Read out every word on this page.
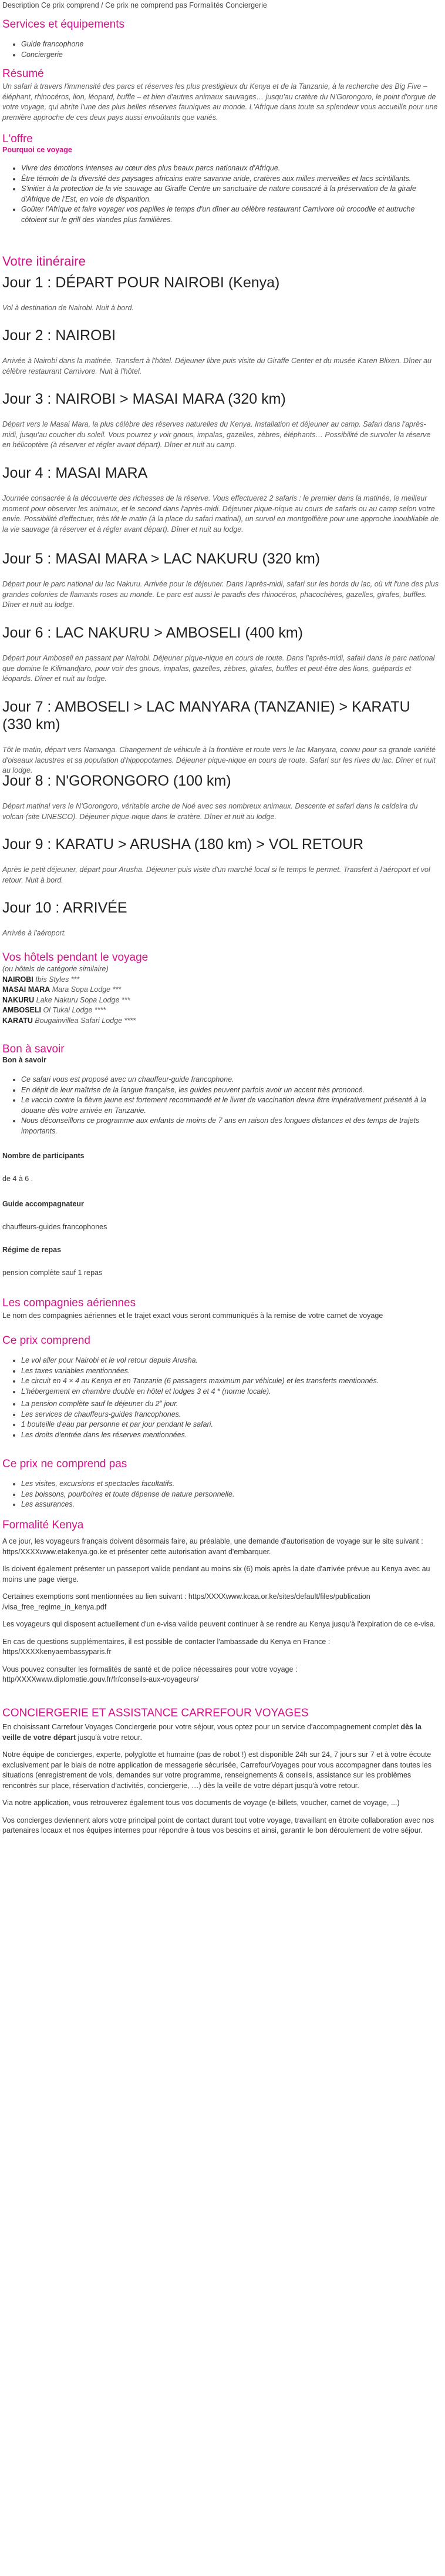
Description Ce prix comprend / Ce prix ne comprend pas Formalités Conciergerie
Services et équipements
• Guide francophone
• Conciergerie
Résumé

Un safari à travers l'immensité des parcs et réserves les plus prestigieux du Kenya et de la Tanzanie, à la recherche des Big Five – éléphant, rhinocéros, lion, léopard, buffle – et bien d'autres animaux sauvages… jusqu'au cratère du N'Gorongoro, le point d'orgue de votre voyage, qui abrite l'une des plus belles réserves fauniques au monde. L'Afrique dans toute sa splendeur vous accueille pour une première approche de ces deux pays aussi envoûtants que variés.

L'offre

Pourquoi ce voyage

• Vivre des émotions intenses au cœur des plus beaux parcs nationaux d'Afrique.
• Être témoin de la diversité des paysages africains entre savanne aride, cratères aux milles merveilles et lacs scintillants.
• S'initier à la protection de la vie sauvage au Giraffe Centre un sanctuaire de nature consacré à la préservation de la girafe d'Afrique de l'Est, en voie de disparition.
• Goûter l'Afrique et faire voyager vos papilles le temps d'un dîner au célèbre restaurant Carnivore où crocodile et autruche côtoient sur le grill des viandes plus familières.
Votre itinéraire
Jour 1 : DÉPART POUR NAIROBI (Kenya)

Vol à destination de Nairobi. Nuit à bord.

Jour 2 : NAIROBI

Arrivée à Nairobi dans la matinée. Transfert à l'hôtel. Déjeuner libre puis visite du Giraffe Center et du musée Karen Blixen. Dîner au célèbre restaurant Carnivore. Nuit à l'hôtel.

Jour 3 : NAIROBI > MASAI MARA (320 km)

Départ vers le Masai Mara, la plus célèbre des réserves naturelles du Kenya. Installation et déjeuner au camp. Safari dans l'après-midi, jusqu'au coucher du soleil. Vous pourrez y voir gnous, impalas, gazelles, zèbres, éléphants… Possibilité de survoler la réserve en hélicoptère (à réserver et régler avant départ). Dîner et nuit au camp.

Jour 4 : MASAI MARA

Journée consacrée à la découverte des richesses de la réserve. Vous effectuerez 2 safaris : le premier dans la matinée, le meilleur moment pour observer les animaux, et le second dans l'après-midi. Déjeuner pique-nique au cours de safaris ou au camp selon votre envie. Possibilité d'effectuer, très tôt le matin (à la place du safari matinal), un survol en montgolfière pour une approche inoubliable de la vie sauvage (à réserver et à régler avant départ). Dîner et nuit au lodge.

Jour 5 : MASAI MARA > LAC NAKURU (320 km)

Départ pour le parc national du lac Nakuru. Arrivée pour le déjeuner. Dans l'après-midi, safari sur les bords du lac, où vit l'une des plus grandes colonies de flamants roses au monde. Le parc est aussi le paradis des rhinocéros, phacochères, gazelles, girafes, buffles. Dîner et nuit au lodge.

Jour 6 : LAC NAKURU > AMBOSELI (400 km)

Départ pour Amboseli en passant par Nairobi. Déjeuner pique-nique en cours de route. Dans l'après-midi, safari dans le parc national que domine le Kilimandjaro, pour voir des gnous, impalas, gazelles, zèbres, girafes, buffles et peut-être des lions, guépards et léopards. Dîner et nuit au lodge.

Jour 7 : AMBOSELI > LAC MANYARA (TANZANIE) > KARATU (330 km)

Tôt le matin, départ vers Namanga. Changement de véhicule à la frontière et route vers le lac Manyara, connu pour sa grande variété d'oiseaux lacustres et sa population d'hippopotames. Déjeuner pique-nique en cours de route. Safari sur les rives du lac. Dîner et nuit au lodge.

Jour 8 : N'GORONGORO (100 km)

Départ matinal vers le N'Gorongoro, véritable arche de Noé avec ses nombreux animaux. Descente et safari dans la caldeira du volcan (site UNESCO). Déjeuner pique-nique dans le cratère. Dîner et nuit au lodge.

Jour 9 : KARATU > ARUSHA (180 km) > VOL RETOUR

Après le petit déjeuner, départ pour Arusha. Déjeuner puis visite d'un marché local si le temps le permet. Transfert à l'aéroport et vol retour. Nuit à bord.

Jour 10 : ARRIVÉE

Arrivée à l'aéroport.

Vos hôtels pendant le voyage
(ou hôtels de catégorie similaire)
NAIROBI Ibis Styles ***
MASAI MARA Mara Sopa Lodge ***
NAKURU Lake Nakuru Sopa Lodge ***
AMBOSELI Ol Tukai Lodge ****
KARATU Bougainvillea Safari Lodge ****
Bon à savoir

Bon à savoir

• Ce safari vous est proposé avec un chauffeur-guide francophone.
• En dépit de leur maîtrise de la langue française, les guides peuvent parfois avoir un accent très prononcé.
• Le vaccin contre la fièvre jaune est fortement recommandé et le livret de vaccination devra être impérativement présenté à la douane dès votre arrivée en Tanzanie.
• Nous déconseillons ce programme aux enfants de moins de 7 ans en raison des longues distances et des temps de trajets importants.

Nombre de participants

de 4 à 6 .

Guide accompagnateur

chauffeurs-guides francophones

Régime de repas

pension complète sauf 1 repas

Les compagnies aériennes

Le nom des compagnies aériennes et le trajet exact vous seront communiqués à la remise de votre carnet de voyage

Ce prix comprend
• Le vol aller pour Nairobi et le vol retour depuis Arusha.
• Les taxes variables mentionnées.
• Le circuit en 4 × 4 au Kenya et en Tanzanie (6 passagers maximum par véhicule) et les transferts mentionnés.
• L'hébergement en chambre double en hôtel et lodges 3 et 4 * (norme locale).
• La pension complète sauf le déjeuner du 2e jour.
• Les services de chauffeurs-guides francophones.
• 1 bouteille d'eau par personne et par jour pendant le safari.
• Les droits d'entrée dans les réserves mentionnées.
Ce prix ne comprend pas
• Les visites, excursions et spectacles facultatifs.
• Les boissons, pourboires et toute dépense de nature personnelle.
• Les assurances.
Formalité Kenya

A ce jour, les voyageurs français doivent désormais faire, au préalable, une demande d'autorisation de voyage sur le site suivant : https/XXXXwww.etakenya.go.ke et présenter cette autorisation avant d'embarquer.

Ils doivent également présenter un passeport valide pendant au moins six (6) mois après la date d'arrivée prévue au Kenya avec au moins une page vierge.

Certaines exemptions sont mentionnées au lien suivant : https/XXXXwww.kcaa.or.ke/sites/default/files/publication /visa_free_regime_in_kenya.pdf

Les voyageurs qui disposent actuellement d'un e-visa valide peuvent continuer à se rendre au Kenya jusqu'à l'expiration de ce e-visa.

En cas de questions supplémentaires, il est possible de contacter l'ambassade du Kenya en France : https/XXXXkenyaembassyparis.fr

Vous pouvez consulter les formalités de santé et de police nécessaires pour votre voyage : http/XXXXwww.diplomatie.gouv.fr/fr/conseils-aux-voyageurs/

CONCIERGERIE ET ASSISTANCE CARREFOUR VOYAGES

En choisissant Carrefour Voyages Conciergerie pour votre séjour, vous optez pour un service d'accompagnement complet dès la veille de votre départ jusqu'à votre retour.

Notre équipe de concierges, experte, polyglotte et humaine (pas de robot !) est disponible 24h sur 24, 7 jours sur 7 et à votre écoute exclusivement par le biais de notre application de messagerie sécurisée, CarrefourVoyages pour vous accompagner dans toutes les situations (enregistrement de vols, demandes sur votre programme, renseignements & conseils, assistance sur les problèmes rencontrés sur place, réservation d'activités, conciergerie, …) dès la veille de votre départ jusqu'à votre retour.

Via notre application, vous retrouverez également tous vos documents de voyage (e-billets, voucher, carnet de voyage, ...)

Vos concierges deviennent alors votre principal point de contact durant tout votre voyage, travaillant en étroite collaboration avec nos partenaires locaux et nos équipes internes pour répondre à tous vos besoins et ainsi, garantir le bon déroulement de votre séjour.
